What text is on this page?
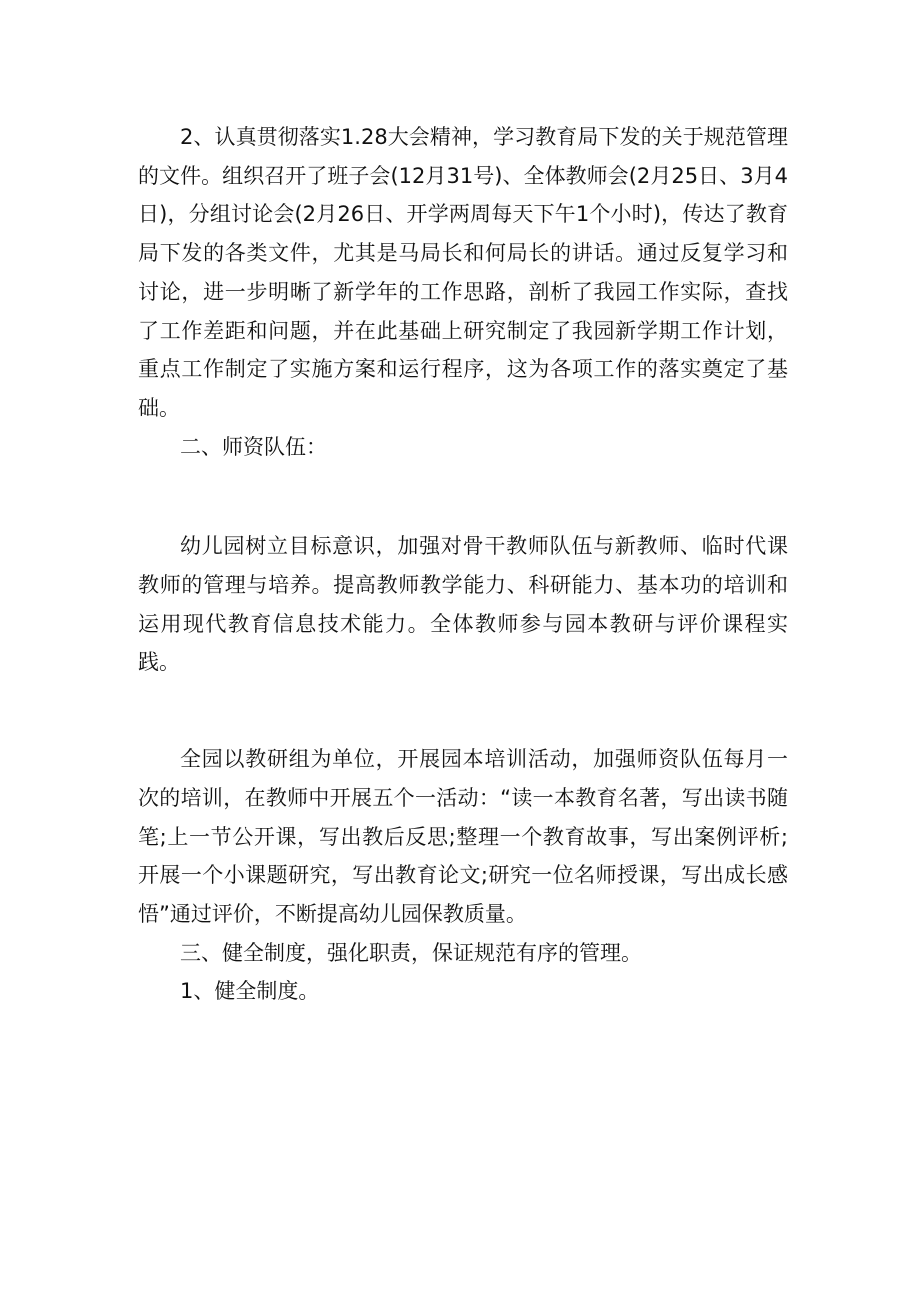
2、认真贯彻落实1.28大会精神，学习教育局下发的关于规范管理的文件。组织召开了班子会(12月31号)、全体教师会(2月25日、3月4日)，分组讨论会(2月26日、开学两周每天下午1个小时)，传达了教育局下发的各类文件，尤其是马局长和何局长的讲话。通过反复学习和讨论，进一步明晰了新学年的工作思路，剖析了我园工作实际，查找了工作差距和问题，并在此基础上研究制定了我园新学期工作计划，重点工作制定了实施方案和运行程序，这为各项工作的落实奠定了基础。

二、师资队伍：

幼儿园树立目标意识，加强对骨干教师队伍与新教师、临时代课教师的管理与培养。提高教师教学能力、科研能力、基本功的培训和运用现代教育信息技术能力。全体教师参与园本教研与评价课程实践。

全园以教研组为单位，开展园本培训活动，加强师资队伍每月一次的培训，在教师中开展五个一活动：“读一本教育名著，写出读书随笔;上一节公开课，写出教后反思;整理一个教育故事，写出案例评析;开展一个小课题研究，写出教育论文;研究一位名师授课，写出成长感悟”通过评价，不断提高幼儿园保教质量。

三、健全制度，强化职责，保证规范有序的管理。

1、健全制度。
